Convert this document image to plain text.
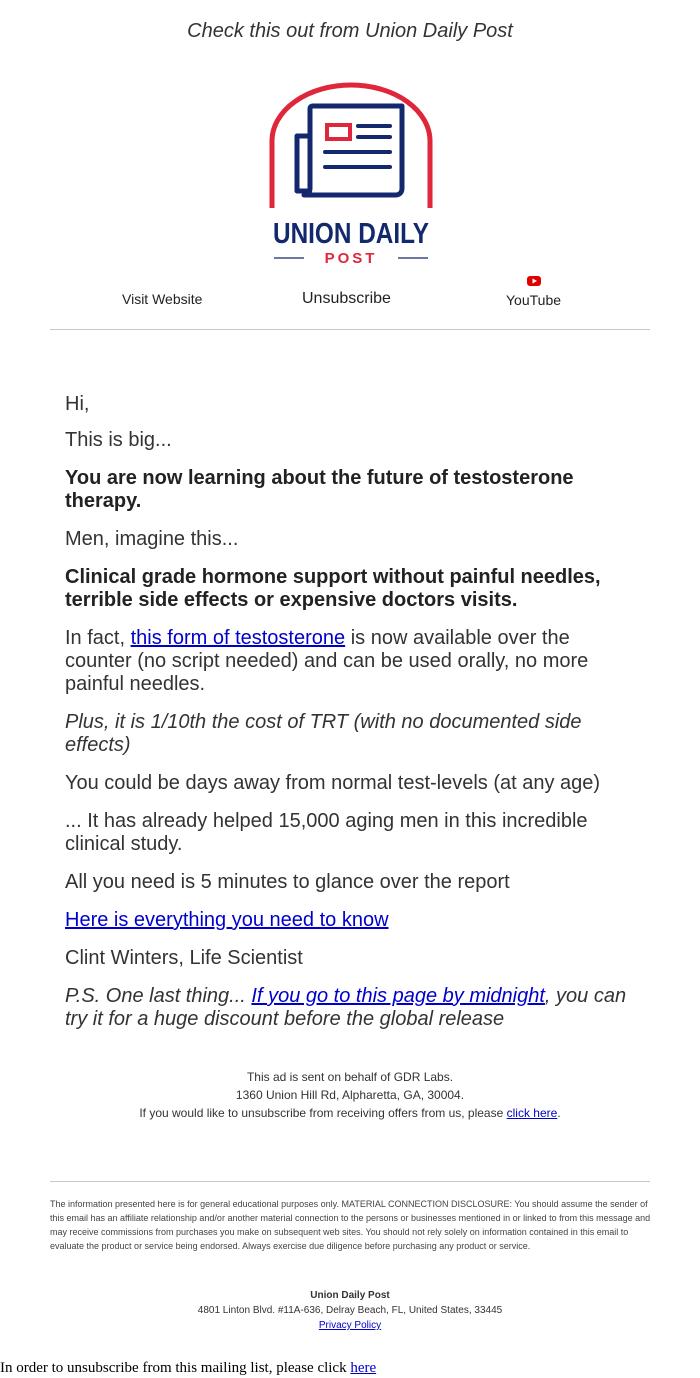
Check this out from Union Daily Post
UNION DAILY
POST
Visit Website	Unsubscribe	YouTube

Hi,

This is big...

You are now learning about the future of testosterone therapy.

Men, imagine this...

Clinical grade hormone support without painful needles, terrible side effects or expensive doctors visits.

In fact, this form of testosterone is now available over the counter (no script needed) and can be used orally, no more painful needles.

Plus, it is 1/10th the cost of TRT (with no documented side effects)

You could be days away from normal test-levels (at any age)

... It has already helped 15,000 aging men in this incredible clinical study.

All you need is 5 minutes to glance over the report

Here is everything you need to know

Clint Winters, Life Scientist

P.S. One last thing... If you go to this page by midnight, you can try it for a huge discount before the global release

This ad is sent on behalf of GDR Labs.
1360 Union Hill Rd, Alpharetta, GA, 30004.
If you would like to unsubscribe from receiving offers from us, please click here.
The information presented here is for general educational purposes only. MATERIAL CONNECTION DISCLOSURE: You should assume the sender of this email has an affiliate relationship and/or another material connection to the persons or businesses mentioned in or linked to from this message and may receive commissions from purchases you make on subsequent web sites. You should not rely solely on information contained in this email to evaluate the product or service being endorsed. Always exercise due diligence before purchasing any product or service.
Union Daily Post
4801 Linton Blvd. #11A-636, Delray Beach, FL, United States, 33445
Privacy Policy
In order to unsubscribe from this mailing list, please click here
